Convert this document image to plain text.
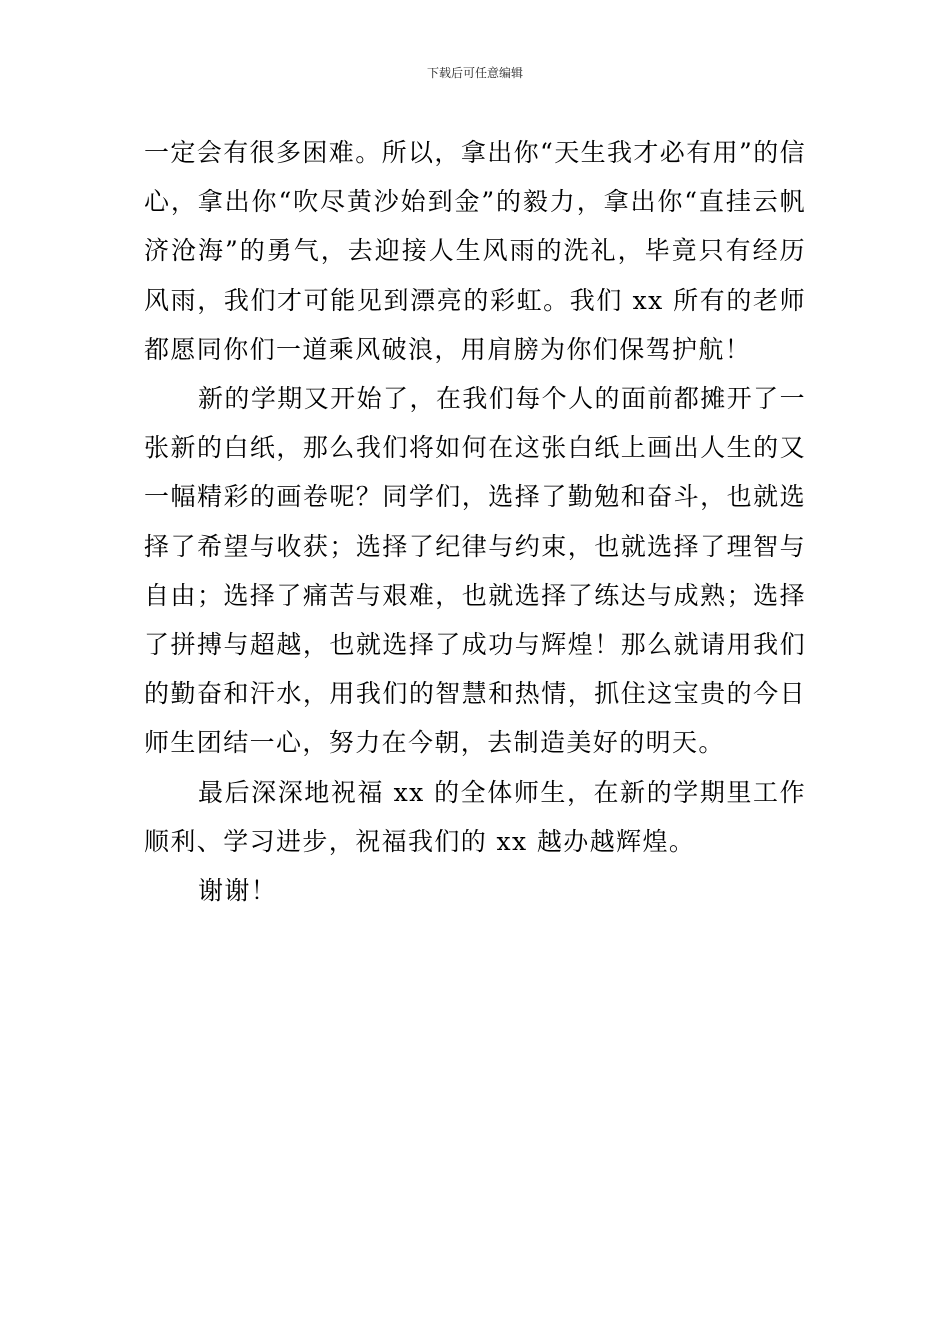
下载后可任意编辑

一定会有很多困难。所以，拿出你“天生我才必有用”的信心，拿出你“吹尽黄沙始到金”的毅力，拿出你“直挂云帆济沧海”的勇气，去迎接人生风雨的洗礼，毕竟只有经历风雨，我们才可能见到漂亮的彩虹。我们 xx 所有的老师都愿同你们一道乘风破浪，用肩膀为你们保驾护航！

新的学期又开始了，在我们每个人的面前都摊开了一张新的白纸，那么我们将如何在这张白纸上画出人生的又一幅精彩的画卷呢？同学们，选择了勤勉和奋斗，也就选择了希望与收获；选择了纪律与约束，也就选择了理智与自由；选择了痛苦与艰难，也就选择了练达与成熟；选择了拼搏与超越，也就选择了成功与辉煌！那么就请用我们的勤奋和汗水，用我们的智慧和热情，抓住这宝贵的今日师生团结一心，努力在今朝，去制造美好的明天。

最后深深地祝福 xx 的全体师生，在新的学期里工作顺利、学习进步，祝福我们的 xx 越办越辉煌。

谢谢！
